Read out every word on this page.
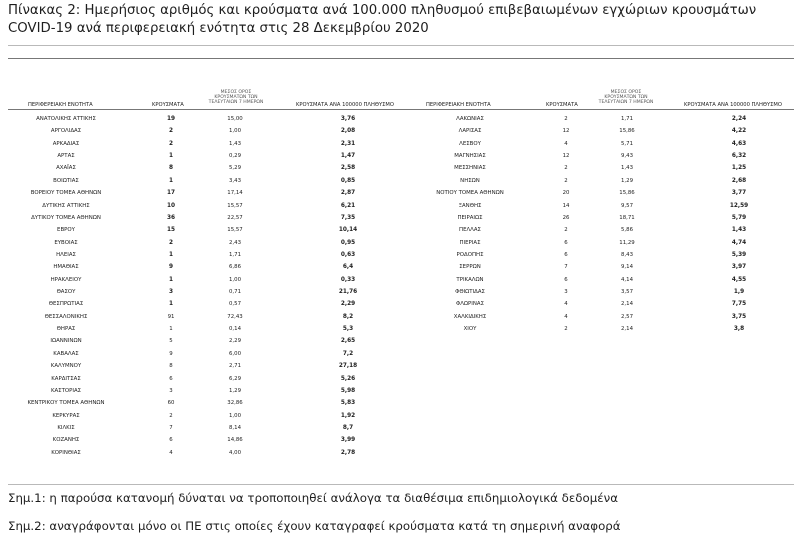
Πίνακας 2: Ημερήσιος αριθμός και κρούσματα ανά 100.000 πληθυσμού επιβεβαιωμένων εγχώριων κρουσμάτων COVID-19 ανά περιφερειακή ενότητα στις 28 Δεκεμβρίου 2020
ΜΕΣΟΣ ΟΡΟΣ ΚΡΟΥΣΜΑΤΩΝ ΤΩΝ ΤΕΛΕΥΤΑΙΩΝ 7 ΗΜΕΡΩΝ
ΠΕΡΙΦΕΡΕΙΑΚΗ ΕΝΟΤΗΤΑ	ΚΡΟΥΣΜΑΤΑ	ΚΡΟΥΣΜΑΤΑ ΑΝΑ 100000 ΠΛΗΘΥΣΜΟ
ΜΕΣΟΣ ΟΡΟΣ ΚΡΟΥΣΜΑΤΩΝ ΤΩΝ ΤΕΛΕΥΤΑΙΩΝ 7 ΗΜΕΡΩΝ
ΠΕΡΙΦΕΡΕΙΑΚΗ ΕΝΟΤΗΤΑ	ΚΡΟΥΣΜΑΤΑ	ΚΡΟΥΣΜΑΤΑ ΑΝΑ 100000 ΠΛΗΘΥΣΜΟ
ΑΝΑΤΟΛΙΚΗΣ ΑΤΤΙΚΗΣ	19	15,00	3,76
ΑΡΓΟΛΙΔΑΣ	2	1,00	2,08
ΑΡΚΑΔΙΑΣ	2	1,43	2,31
ΑΡΤΑΣ	1	0,29	1,47
ΑΧΑΪΑΣ	8	5,29	2,58
ΒΟΙΩΤΙΑΣ	1	3,43	0,85
ΒΟΡΕΙΟΥ ΤΟΜΕΑ ΑΘΗΝΩΝ	17	17,14	2,87
ΔΥΤΙΚΗΣ ΑΤΤΙΚΗΣ	10	15,57	6,21
ΔΥΤΙΚΟΥ ΤΟΜΕΑ ΑΘΗΝΩΝ	36	22,57	7,35
ΕΒΡΟΥ	15	15,57	10,14
ΕΥΒΟΙΑΣ	2	2,43	0,95
ΗΛΕΙΑΣ	1	1,71	0,63
ΗΜΑΘΙΑΣ	9	6,86	6,4
ΗΡΑΚΛΕΙΟΥ	1	1,00	0,33
ΘΑΣΟΥ	3	0,71	21,76
ΘΕΣΠΡΩΤΙΑΣ	1	0,57	2,29
ΘΕΣΣΑΛΟΝΙΚΗΣ	91	72,43	8,2
ΘΗΡΑΣ	1	0,14	5,3
ΙΩΑΝΝΙΝΩΝ	5	2,29	2,65
ΚΑΒΑΛΑΣ	9	6,00	7,2
ΚΑΛΥΜΝΟΥ	8	2,71	27,18
ΚΑΡΔΙΤΣΑΣ	6	6,29	5,26
ΚΑΣΤΟΡΙΑΣ	3	1,29	5,98
ΚΕΝΤΡΙΚΟΥ ΤΟΜΕΑ ΑΘΗΝΩΝ	60	32,86	5,83
ΚΕΡΚΥΡΑΣ	2	1,00	1,92
ΚΙΛΚΙΣ	7	8,14	8,7
ΚΟΖΑΝΗΣ	6	14,86	3,99
ΚΟΡΙΝΘΙΑΣ	4	4,00	2,78
ΛΑΚΩΝΙΑΣ	2	1,71	2,24
ΛΑΡΙΣΑΣ	12	15,86	4,22
ΛΕΣΒΟΥ	4	5,71	4,63
ΜΑΓΝΗΣΙΑΣ	12	9,43	6,32
ΜΕΣΣΗΝΙΑΣ	2	1,43	1,25
ΝΗΣΩΝ	2	1,29	2,68
ΝΟΤΙΟΥ ΤΟΜΕΑ ΑΘΗΝΩΝ	20	15,86	3,77
ΞΑΝΘΗΣ	14	9,57	12,59
ΠΕΙΡΑΙΩΣ	26	18,71	5,79
ΠΕΛΛΑΣ	2	5,86	1,43
ΠΙΕΡΙΑΣ	6	11,29	4,74
ΡΟΔΟΠΗΣ	6	8,43	5,39
ΣΕΡΡΩΝ	7	9,14	3,97
ΤΡΙΚΑΛΩΝ	6	4,14	4,55
ΦΘΙΩΤΙΔΑΣ	3	3,57	1,9
ΦΛΩΡΙΝΑΣ	4	2,14	7,75
ΧΑΛΚΙΔΙΚΗΣ	4	2,57	3,75
ΧΙΟΥ	2	2,14	3,8
Σημ.1: η παρούσα κατανομή δύναται να τροποποιηθεί ανάλογα τα διαθέσιμα επιδημιολογικά δεδομένα
Σημ.2: αναγράφονται μόνο οι ΠΕ στις οποίες έχουν καταγραφεί κρούσματα κατά τη σημερινή αναφορά
